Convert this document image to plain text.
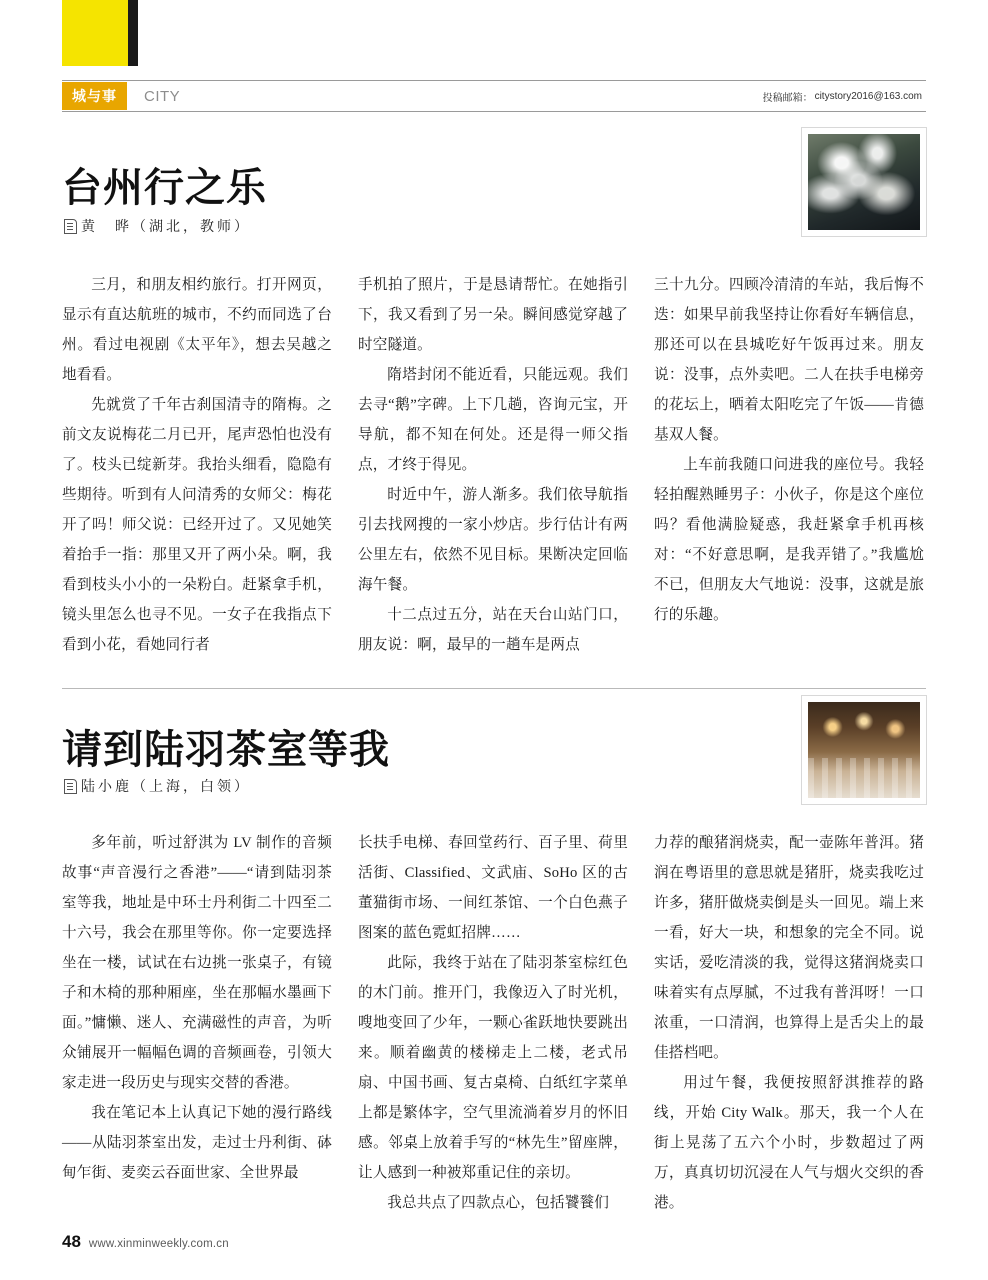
城与事	CITY	投稿邮箱： citystory2016@163.com
台州行之乐
黄　晔（湖北，教师）

三月，和朋友相约旅行。打开网页，显示有直达航班的城市，不约而同选了台州。看过电视剧《太平年》，想去吴越之地看看。

先就赏了千年古刹国清寺的隋梅。之前文友说梅花二月已开，尾声恐怕也没有了。枝头已绽新芽。我抬头细看，隐隐有些期待。听到有人问清秀的女师父：梅花开了吗！师父说：已经开过了。又见她笑着抬手一指：那里又开了两小朵。啊，我看到枝头小小的一朵粉白。赶紧拿手机，镜头里怎么也寻不见。一女子在我指点下看到小花，看她同行者

手机拍了照片，于是恳请帮忙。在她指引下，我又看到了另一朵。瞬间感觉穿越了时空隧道。

隋塔封闭不能近看，只能远观。我们去寻“鹅”字碑。上下几趟，咨询元宝，开导航，都不知在何处。还是得一师父指点，才终于得见。

时近中午，游人渐多。我们依导航指引去找网搜的一家小炒店。步行估计有两公里左右，依然不见目标。果断决定回临海午餐。

十二点过五分，站在天台山站门口，朋友说：啊，最早的一趟车是两点

三十九分。四顾冷清清的车站，我后悔不迭：如果早前我坚持让你看好车辆信息，那还可以在县城吃好午饭再过来。朋友说：没事，点外卖吧。二人在扶手电梯旁的花坛上，晒着太阳吃完了午饭——肯德基双人餐。

上车前我随口问进我的座位号。我轻轻拍醒熟睡男子：小伙子，你是这个座位吗？看他满脸疑惑，我赶紧拿手机再核对：“不好意思啊，是我弄错了。”我尴尬不已，但朋友大气地说：没事，这就是旅行的乐趣。

请到陆羽茶室等我
陆小鹿（上海，白领）

多年前，听过舒淇为 LV 制作的音频故事“声音漫行之香港”——“请到陆羽茶室等我，地址是中环士丹利街二十四至二十六号，我会在那里等你。你一定要选择坐在一楼，试试在右边挑一张桌子，有镜子和木椅的那种厢座，坐在那幅水墨画下面。”慵懒、迷人、充满磁性的声音，为听众铺展开一幅幅色调的音频画卷，引领大家走进一段历史与现实交替的香港。

我在笔记本上认真记下她的漫行路线——从陆羽茶室出发，走过士丹利街、砵甸乍街、麦奕云吞面世家、全世界最

长扶手电梯、春回堂药行、百子里、荷里活街、Classified、文武庙、SoHo 区的古董猫街市场、一间红茶馆、一个白色燕子图案的蓝色霓虹招牌……

此际，我终于站在了陆羽茶室棕红色的木门前。推开门，我像迈入了时光机，嗖地变回了少年，一颗心雀跃地快要跳出来。顺着幽黄的楼梯走上二楼，老式吊扇、中国书画、复古桌椅、白纸红字菜单上都是繁体字，空气里流淌着岁月的怀旧感。邻桌上放着手写的“林先生”留座牌，让人感到一种被郑重记住的亲切。

我总共点了四款点心，包括饕餮们

力荐的酿猪润烧卖，配一壶陈年普洱。猪润在粤语里的意思就是猪肝，烧卖我吃过许多，猪肝做烧卖倒是头一回见。端上来一看，好大一块，和想象的完全不同。说实话，爱吃清淡的我，觉得这猪润烧卖口味着实有点厚腻，不过我有普洱呀！一口浓重，一口清润，也算得上是舌尖上的最佳搭档吧。

用过午餐，我便按照舒淇推荐的路线，开始 City Walk。那天，我一个人在街上晃荡了五六个小时，步数超过了两万，真真切切沉浸在人气与烟火交织的香港。

48 www.xinminweekly.com.cn
